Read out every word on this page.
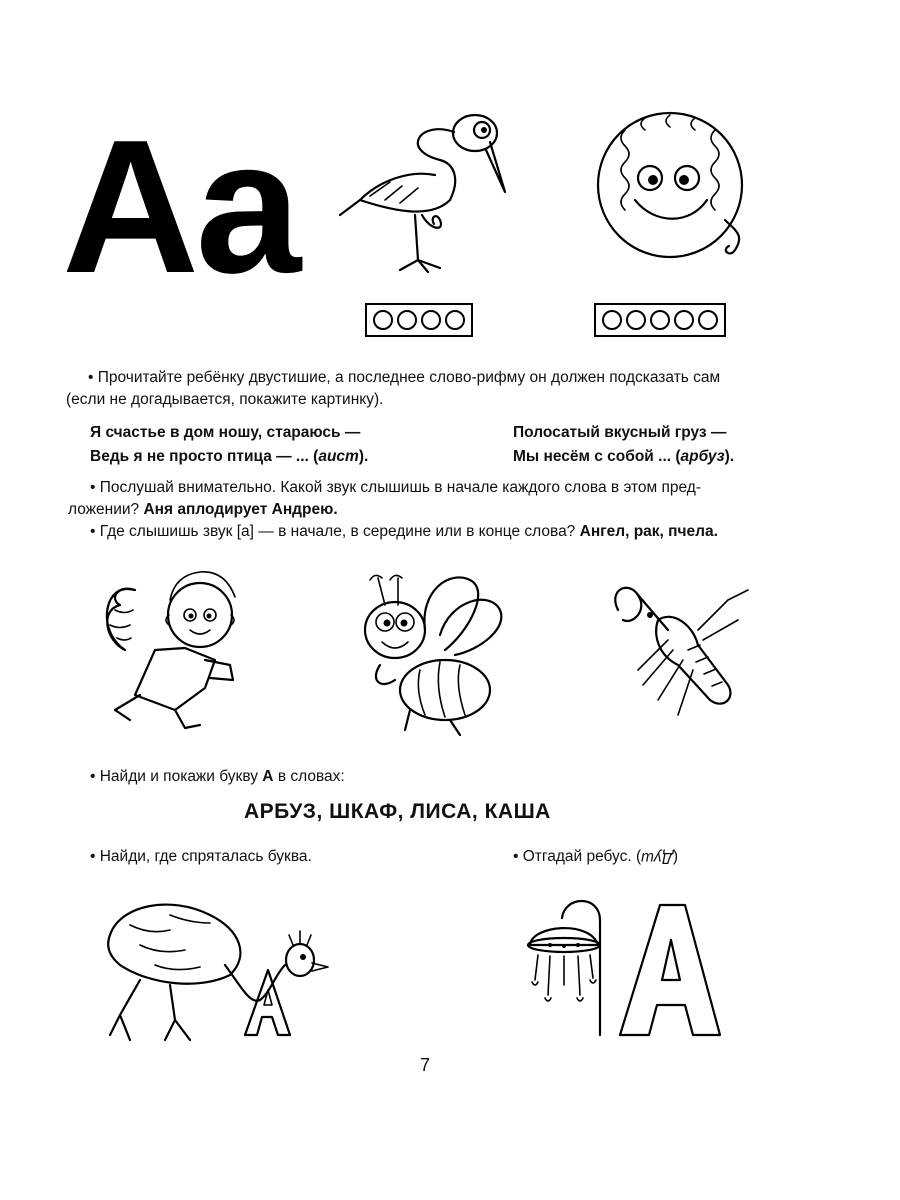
Аа
• Прочитайте ребёнку двустишие, а последнее слово-рифму он должен подсказать сам
(если не догадывается, покажите картинку).
Я счастье в дом ношу, стараюсь —
Ведь я не просто птица — ... (аист).
Полосатый вкусный груз —
Мы несём с собой ... (арбуз).
• Послушай внимательно. Какой звук слышишь в начале каждого слова в этом пред-
ложении? Аня аплодирует Андрею.
• Где слышишь звук [а] — в начале, в середине или в конце слова? Ангел, рак, пчела.
• Найди и покажи букву А в словах:
АРБУЗ, ШКАФ, ЛИСА, КАША
• Найди, где спряталась буква.	• Отгадай ребус. (Душ)
7
